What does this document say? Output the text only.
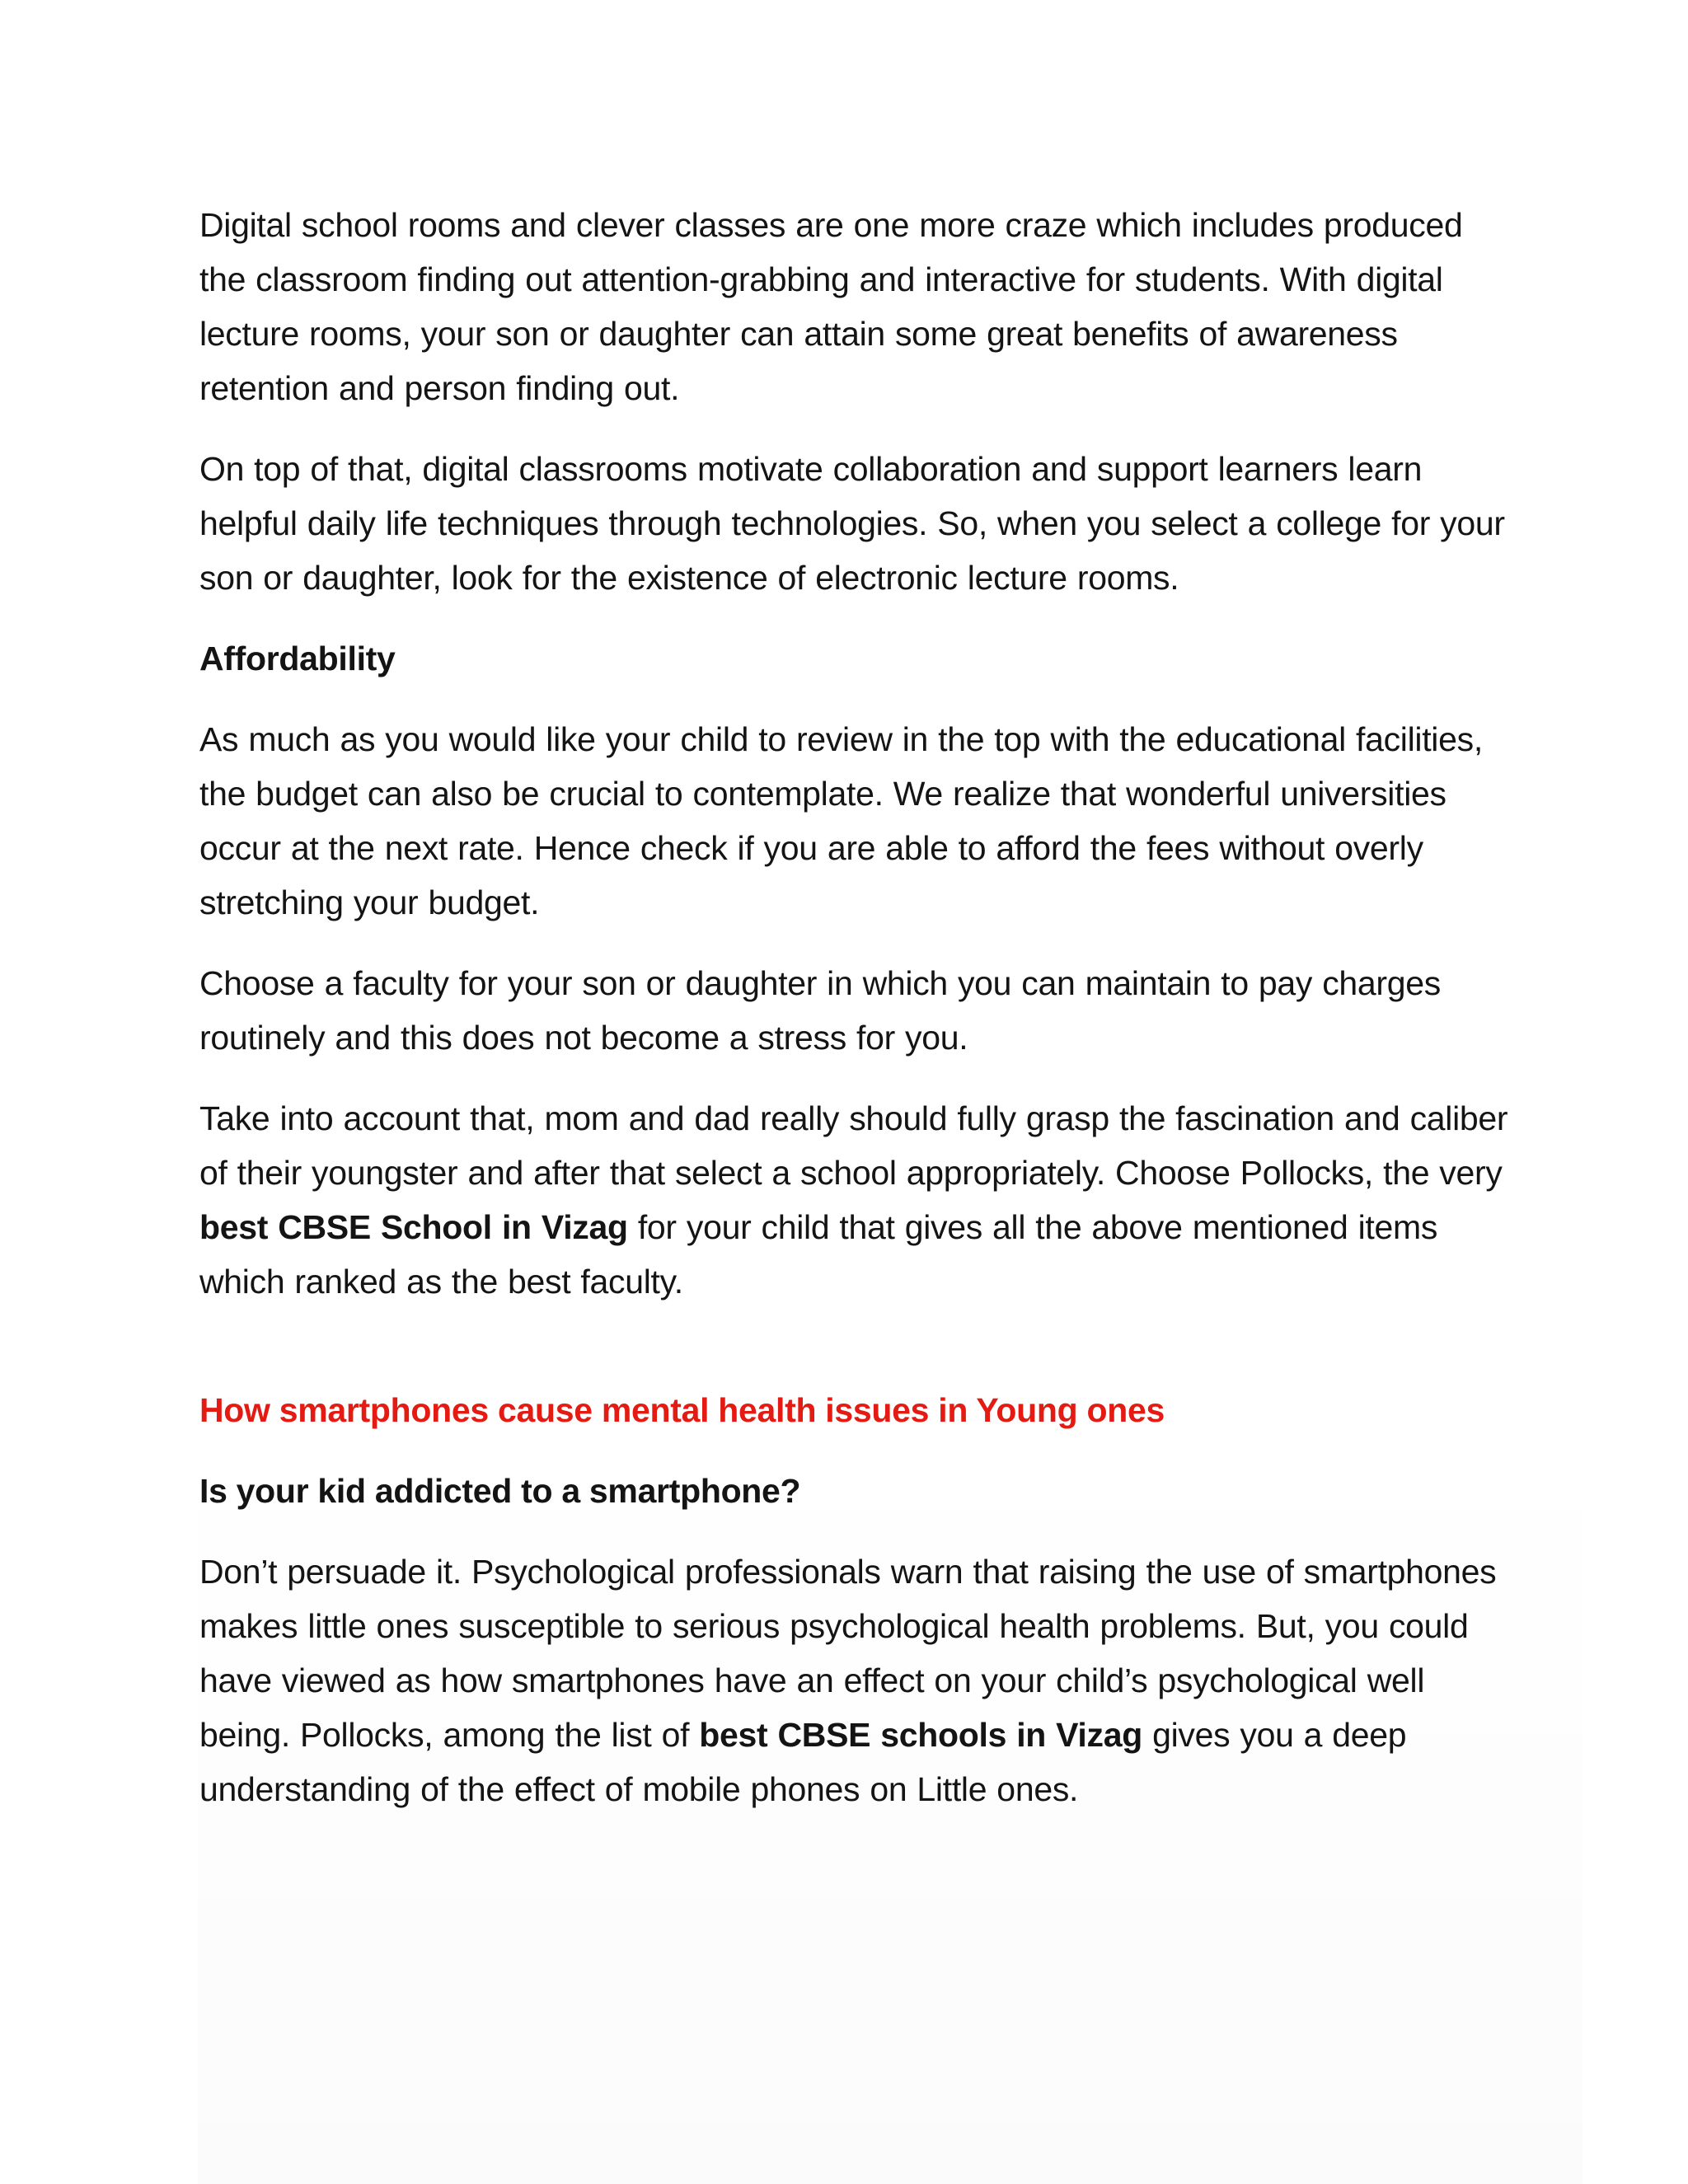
Digital school rooms and clever classes are one more craze which includes produced the classroom finding out attention-grabbing and interactive for students. With digital lecture rooms, your son or daughter can attain some great benefits of awareness retention and person finding out.

On top of that, digital classrooms motivate collaboration and support learners learn helpful daily life techniques through technologies. So, when you select a college for your son or daughter, look for the existence of electronic lecture rooms.

Affordability

As much as you would like your child to review in the top with the educational facilities, the budget can also be crucial to contemplate. We realize that wonderful universities occur at the next rate. Hence check if you are able to afford the fees without overly stretching your budget.

Choose a faculty for your son or daughter in which you can maintain to pay charges routinely and this does not become a stress for you.

Take into account that, mom and dad really should fully grasp the fascination and caliber of their youngster and after that select a school appropriately. Choose Pollocks, the very best CBSE School in Vizag for your child that gives all the above mentioned items which ranked as the best faculty.

How smartphones cause mental health issues in Young ones

Is your kid addicted to a smartphone?

Don’t persuade it. Psychological professionals warn that raising the use of smartphones makes little ones susceptible to serious psychological health problems. But, you could have viewed as how smartphones have an effect on your child’s psychological well being. Pollocks, among the list of best CBSE schools in Vizag gives you a deep understanding of the effect of mobile phones on Little ones.
